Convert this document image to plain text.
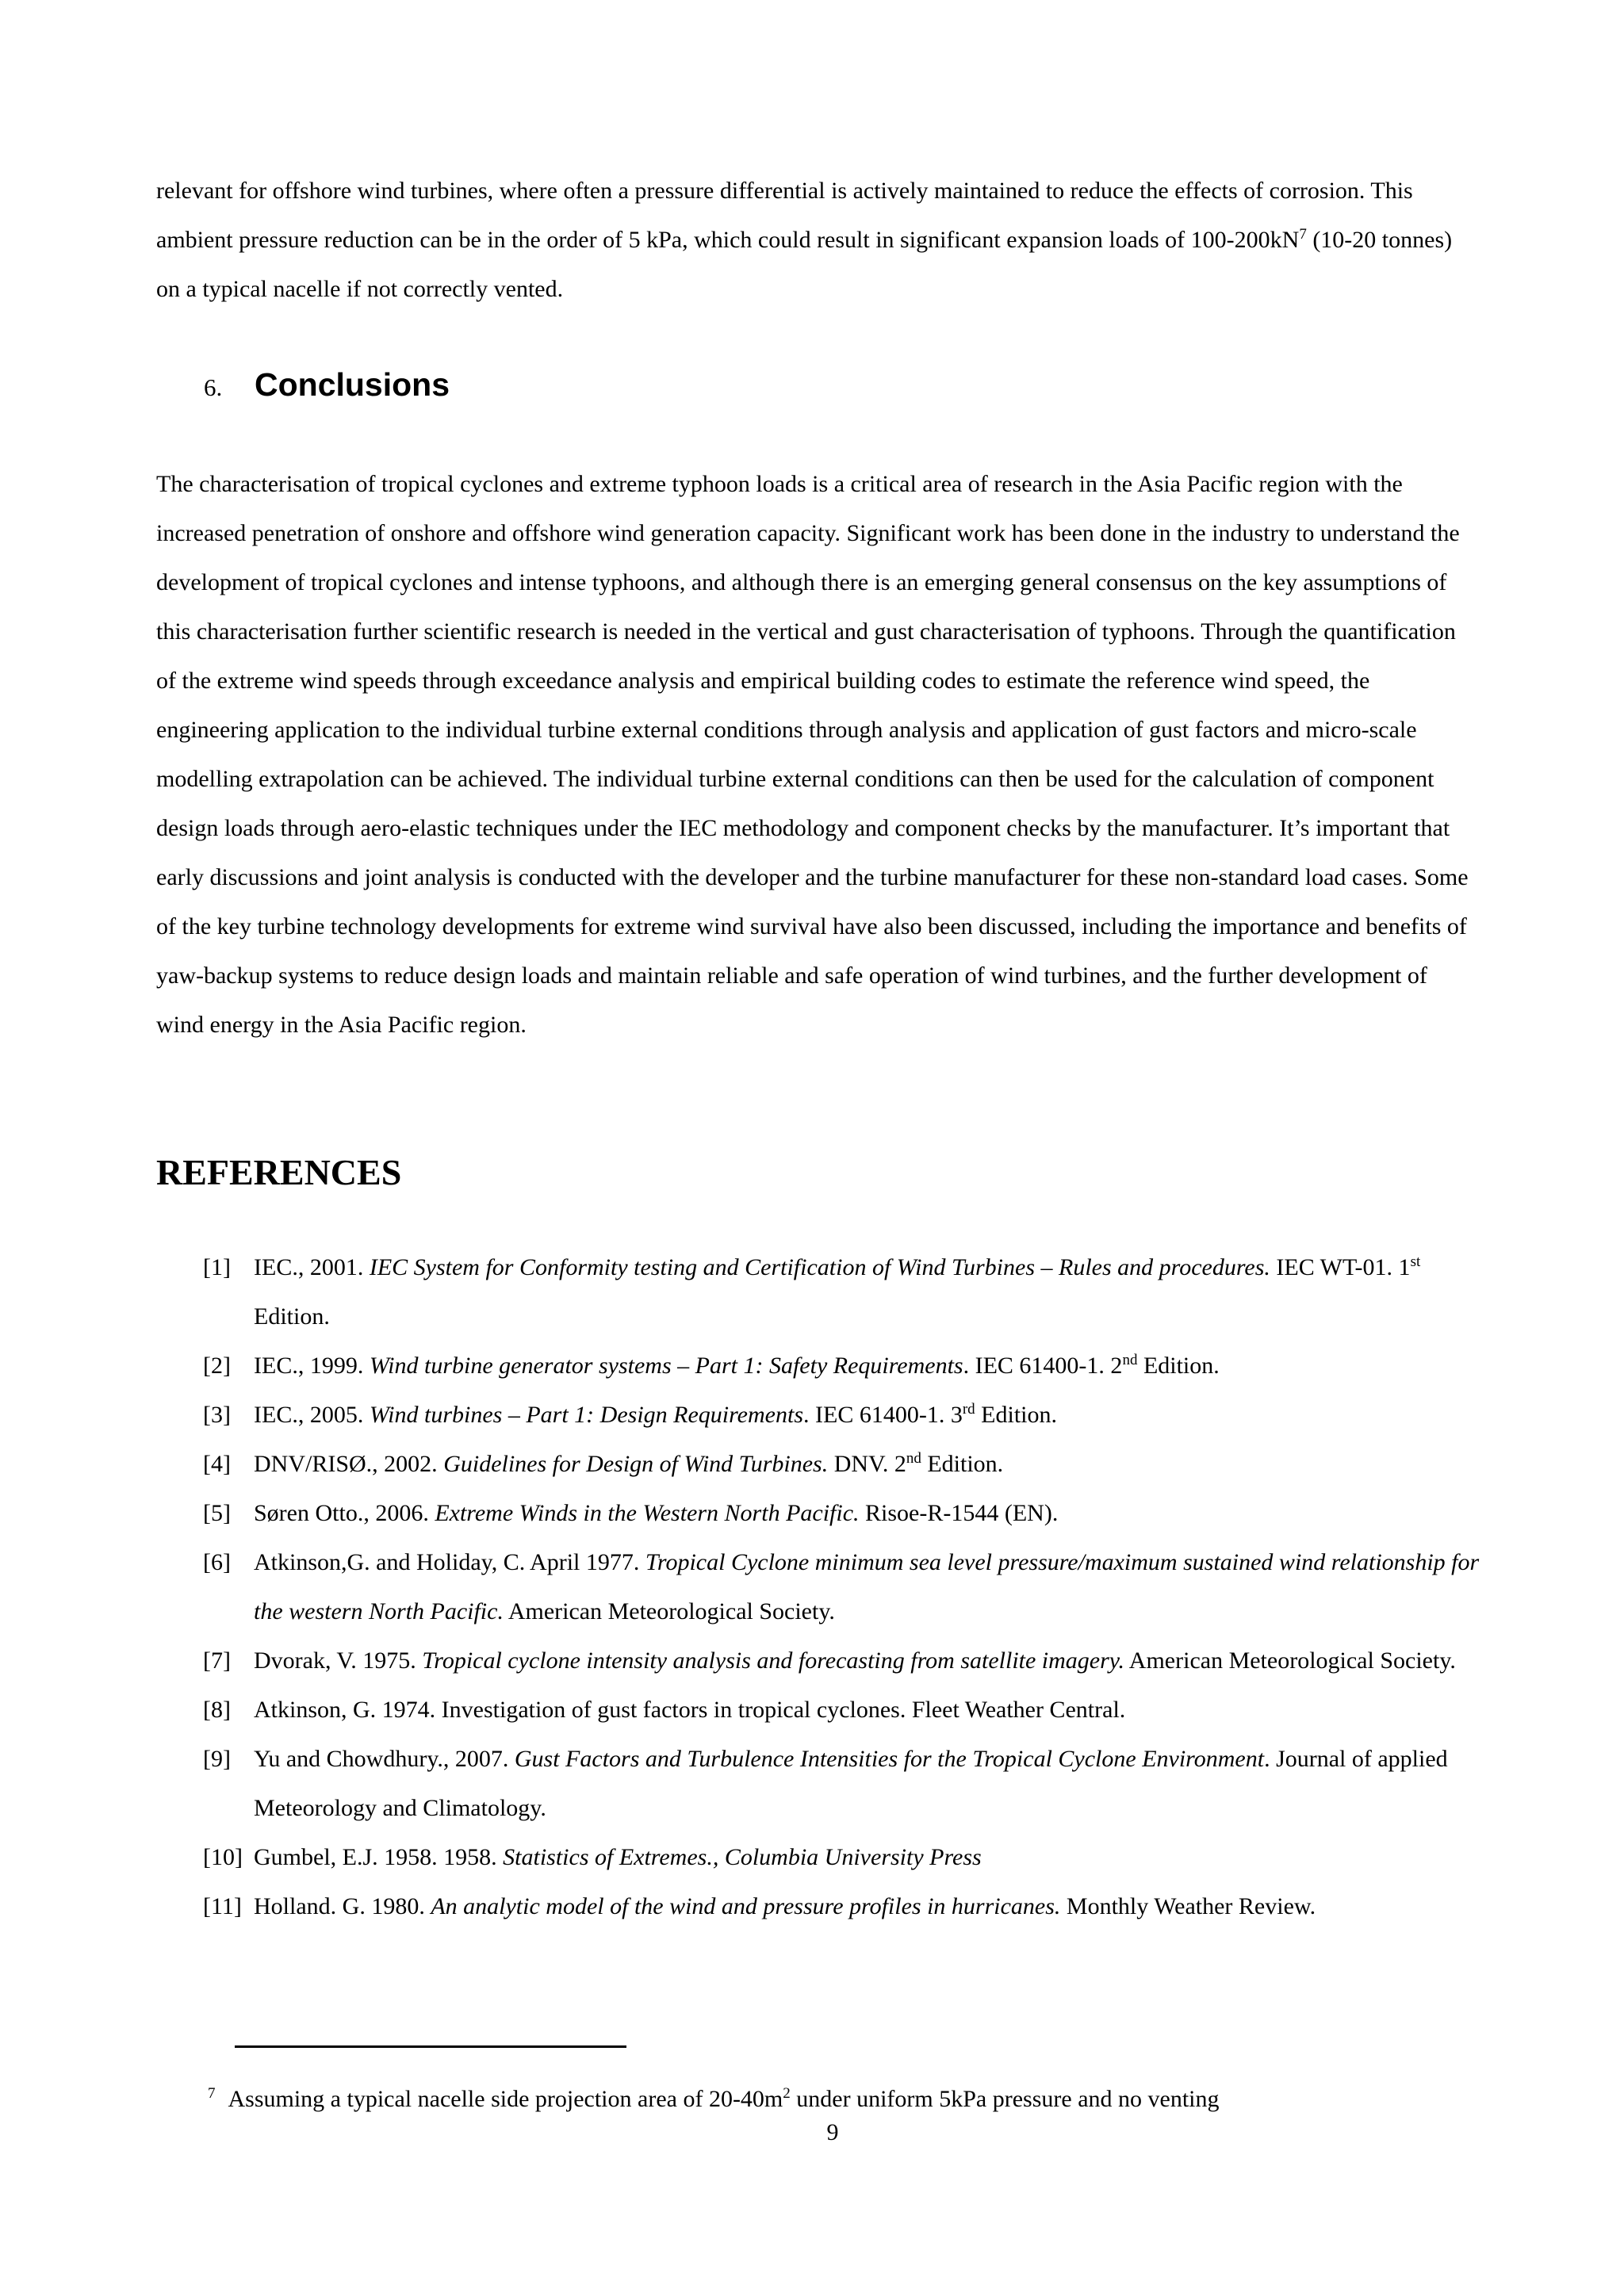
relevant for offshore wind turbines, where often a pressure differential is actively maintained to reduce the effects of corrosion. This ambient pressure reduction can be in the order of 5 kPa, which could result in significant expansion loads of $100-200kN^7$ (10-20 tonnes) on a typical nacelle if not correctly vented.

6. Conclusions

The characterisation of tropical cyclones and extreme typhoon loads is a critical area of research in the Asia Pacific region with the increased penetration of onshore and offshore wind generation capacity. Significant work has been done in the industry to understand the development of tropical cyclones and intense typhoons, and although there is an emerging general consensus on the key assumptions of this characterisation further scientific research is needed in the vertical and gust characterisation of typhoons. Through the quantification of the extreme wind speeds through exceedance analysis and empirical building codes to estimate the reference wind speed, the engineering application to the individual turbine external conditions through analysis and application of gust factors and micro-scale modelling extrapolation can be achieved. The individual turbine external conditions can then be used for the calculation of component design loads through aero-elastic techniques under the IEC methodology and component checks by the manufacturer. It’s important that early discussions and joint analysis is conducted with the developer and the turbine manufacturer for these non-standard load cases. Some of the key turbine technology developments for extreme wind survival have also been discussed, including the importance and benefits of yaw-backup systems to reduce design loads and maintain reliable and safe operation of wind turbines, and the further development of wind energy in the Asia Pacific region.

REFERENCES
[1] IEC., 2001. IEC System for Conformity testing and Certification of Wind Turbines – Rules and procedures. IEC WT-01. 1st Edition.
[2] IEC., 1999. Wind turbine generator systems – Part 1: Safety Requirements. IEC 61400-1. 2nd Edition.
[3] IEC., 2005. Wind turbines – Part 1: Design Requirements. IEC 61400-1. 3rd Edition.
[4] DNV/RISØ., 2002. Guidelines for Design of Wind Turbines. DNV. 2nd Edition.
[5] Søren Otto., 2006. Extreme Winds in the Western North Pacific. Risoe-R-1544 (EN).
[6] Atkinson,G. and Holiday, C. April 1977. Tropical Cyclone minimum sea level pressure/maximum sustained wind relationship for the western North Pacific. American Meteorological Society.
[7] Dvorak, V. 1975. Tropical cyclone intensity analysis and forecasting from satellite imagery. American Meteorological Society.
[8] Atkinson, G. 1974. Investigation of gust factors in tropical cyclones. Fleet Weather Central.
[9] Yu and Chowdhury., 2007. Gust Factors and Turbulence Intensities for the Tropical Cyclone Environment. Journal of applied Meteorology and Climatology.
[10] Gumbel, E.J. 1958. 1958. Statistics of Extremes., Columbia University Press
[11] Holland. G. 1980. An analytic model of the wind and pressure profiles in hurricanes. Monthly Weather Review.
$^7$ Assuming a typical nacelle side projection area of $20-40m^2$ under uniform 5kPa pressure and no venting
9
